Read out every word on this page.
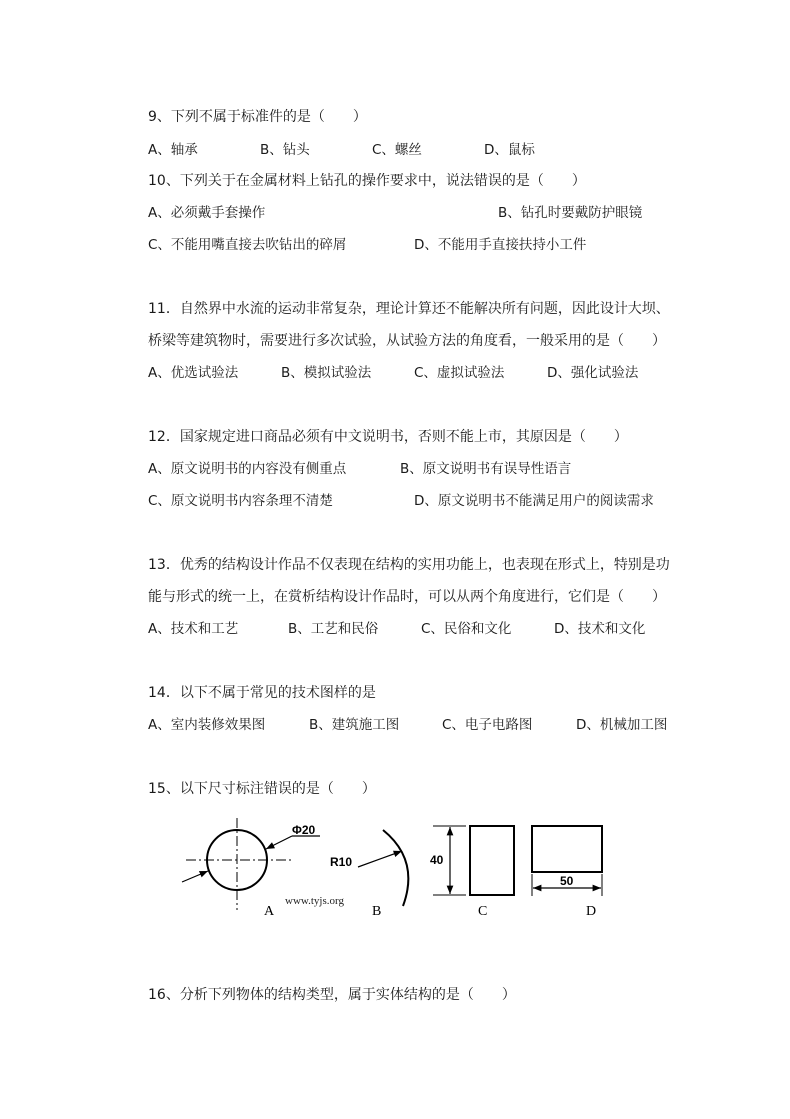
9、下列不属于标准件的是（　　）
A、轴承	B、钻头	C、螺丝	D、鼠标
10、下列关于在金属材料上钻孔的操作要求中，说法错误的是（　　）
A、必须戴手套操作	B、钻孔时要戴防护眼镜
C、不能用嘴直接去吹钻出的碎屑	D、不能用手直接扶持小工件
11．自然界中水流的运动非常复杂，理论计算还不能解决所有问题，因此设计大坝、
桥梁等建筑物时，需要进行多次试验，从试验方法的角度看，一般采用的是（　　）
A、优选试验法	B、模拟试验法	C、虚拟试验法	D、强化试验法
12．国家规定进口商品必须有中文说明书，否则不能上市，其原因是（　　）
A、原文说明书的内容没有侧重点	B、原文说明书有误导性语言
C、原文说明书内容条理不清楚	D、原文说明书不能满足用户的阅读需求
13．优秀的结构设计作品不仅表现在结构的实用功能上，也表现在形式上，特别是功
能与形式的统一上，在赏析结构设计作品时，可以从两个角度进行，它们是（　　）
A、技术和工艺	B、工艺和民俗	C、民俗和文化	D、技术和文化
14．以下不属于常见的技术图样的是
A、室内装修效果图	B、建筑施工图	C、电子电路图	D、机械加工图
15、以下尺寸标注错误的是（　　）
Φ20
R10	40
50
www.tyjs.org
A	B	C	D
16、分析下列物体的结构类型，属于实体结构的是（　　）
